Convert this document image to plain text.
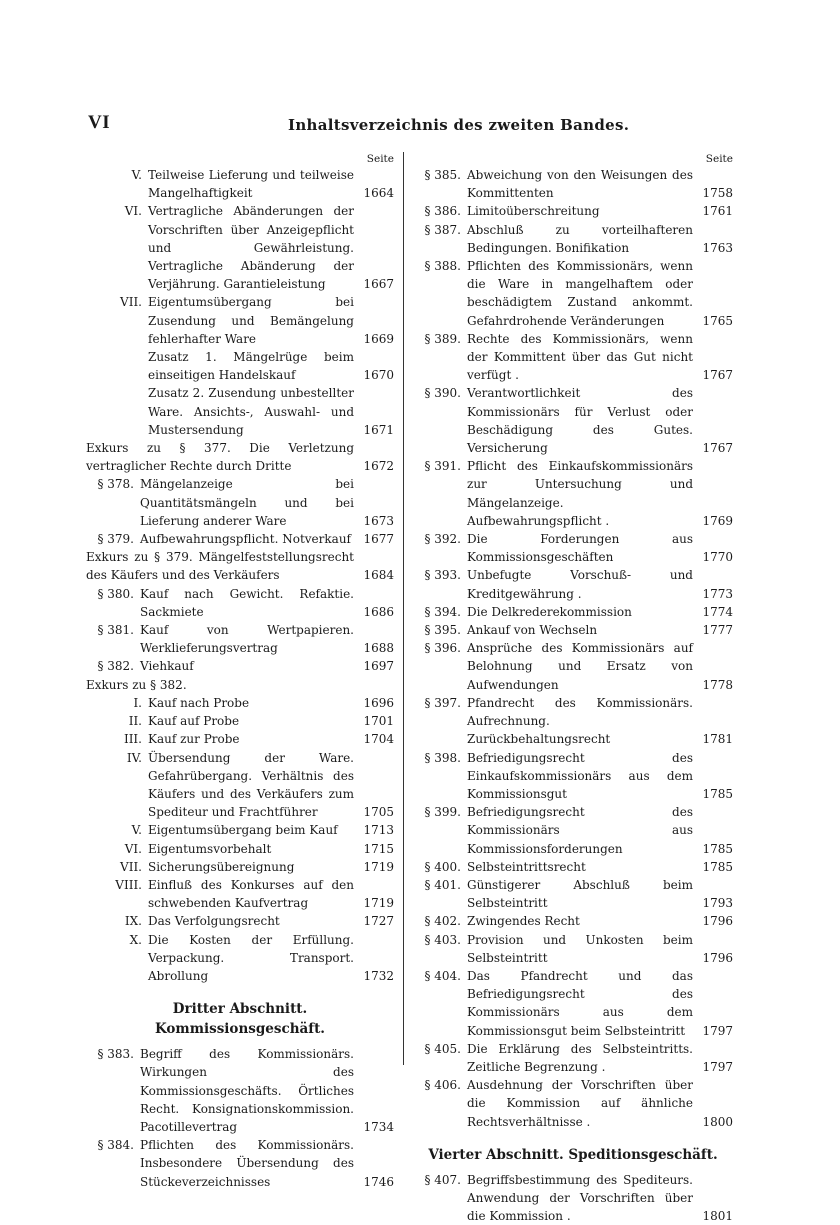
VI	Inhaltsverzeichnis des zweiten Bandes.
Seite
V. Teilweise Lieferung und teilweise Mangelhaftigkeit	1664
VI. Vertragliche Abänderungen der Vorschriften über Anzeigepflicht und Gewährleistung. Vertragliche Abänderung der Verjährung. Garantieleistung	1667
VII. Eigentumsübergang bei Zusendung und Bemängelung fehlerhafter Ware	1669
Zusatz 1. Mängelrüge beim einseitigen Handelskauf	1670
Zusatz 2. Zusendung unbestellter Ware. Ansichts-, Auswahl- und Mustersendung	1671
Exkurs zu § 377. Die Verletzung vertraglicher Rechte durch Dritte	1672
§ 378. Mängelanzeige bei Quantitätsmängeln und bei Lieferung anderer Ware	1673
§ 379. Aufbewahrungspflicht. Notverkauf	1677
Exkurs zu § 379. Mängelfeststellungsrecht des Käufers und des Verkäufers	1684
§ 380. Kauf nach Gewicht. Refaktie. Sackmiete	1686
§ 381. Kauf von Wertpapieren. Werklieferungsvertrag	1688
§ 382. Viehkauf	1697
Exkurs zu § 382.
I. Kauf nach Probe	1696
II. Kauf auf Probe	1701
III. Kauf zur Probe	1704
IV. Übersendung der Ware. Gefahrübergang. Verhältnis des Käufers und des Verkäufers zum Spediteur und Frachtführer	1705
V. Eigentumsübergang beim Kauf	1713
VI. Eigentumsvorbehalt	1715
VII. Sicherungsübereignung	1719
VIII. Einfluß des Konkurses auf den schwebenden Kaufvertrag	1719
IX. Das Verfolgungsrecht	1727
X. Die Kosten der Erfüllung. Verpackung. Transport. Abrollung	1732
Dritter Abschnitt. Kommissionsgeschäft.
§ 383. Begriff des Kommissionärs. Wirkungen des Kommissionsgeschäfts. Örtliches Recht. Konsignationskommission. Pacotillevertrag	1734
§ 384. Pflichten des Kommissionärs. Insbesondere Übersendung des Stückeverzeichnisses	1746
Seite
§ 385. Abweichung von den Weisungen des Kommittenten	1758
§ 386. Limitoüberschreitung	1761
§ 387. Abschluß zu vorteilhafteren Bedingungen. Bonifikation	1763
§ 388. Pflichten des Kommissionärs, wenn die Ware in mangelhaftem oder beschädigtem Zustand ankommt. Gefahrdrohende Veränderungen	1765
§ 389. Rechte des Kommissionärs, wenn der Kommittent über das Gut nicht verfügt .	1767
§ 390. Verantwortlichkeit des Kommissionärs für Verlust oder Beschädigung des Gutes. Versicherung	1767
§ 391. Pflicht des Einkaufskommissionärs zur Untersuchung und Mängelanzeige. Aufbewahrungspflicht .	1769
§ 392. Die Forderungen aus Kommissionsgeschäften	1770
§ 393. Unbefugte Vorschuß- und Kreditgewährung .	1773
§ 394. Die Delkrederekommission	1774
§ 395. Ankauf von Wechseln	1777
§ 396. Ansprüche des Kommissionärs auf Belohnung und Ersatz von Aufwendungen	1778
§ 397. Pfandrecht des Kommissionärs. Aufrechnung. Zurückbehaltungsrecht	1781
§ 398. Befriedigungsrecht des Einkaufskommissionärs aus dem Kommissionsgut	1785
§ 399. Befriedigungsrecht des Kommissionärs aus Kommissionsforderungen	1785
§ 400. Selbsteintrittsrecht	1785
§ 401. Günstigerer Abschluß beim Selbsteintritt	1793
§ 402. Zwingendes Recht	1796
§ 403. Provision und Unkosten beim Selbsteintritt	1796
§ 404. Das Pfandrecht und das Befriedigungsrecht des Kommissionärs aus dem Kommissionsgut beim Selbsteintritt	1797
§ 405. Die Erklärung des Selbsteintritts. Zeitliche Begrenzung .	1797
§ 406. Ausdehnung der Vorschriften über die Kommission auf ähnliche Rechtsverhältnisse .	1800
Vierter Abschnitt. Speditionsgeschäft.
§ 407. Begriffsbestimmung des Spediteurs. Anwendung der Vorschriften über die Kommission .	1801
